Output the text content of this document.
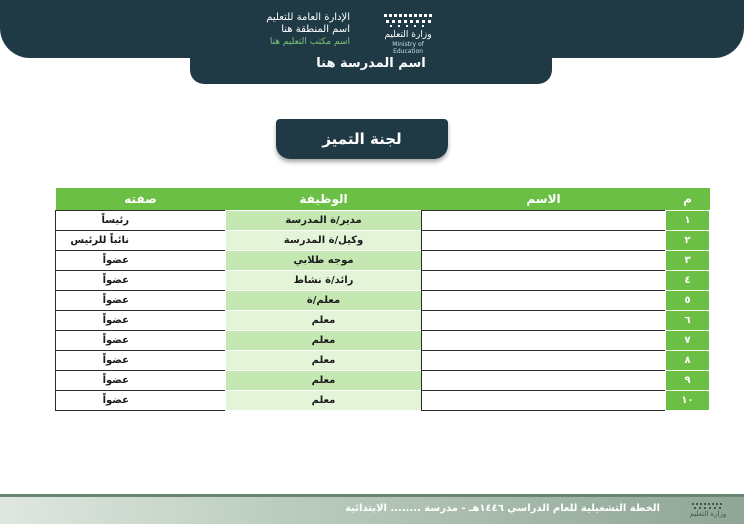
اسم المدرسة هنا
الإدارة العامة للتعليم
اسم المنطقة هنا
اسم مكتب التعليم هنا
وزارة التعليم
Ministry of Education
لجنة التميز
م	الاسم	الوظيفة	صفته
١		مدير/ة المدرسة	رئيساً
٢		وكيل/ة المدرسة	نائباً للرئيس
٣		موجه طلابي	عضواً
٤		رائد/ة نشاط	عضواً
٥		معلم/ة	عضواً
٦		معلم	عضواً
٧		معلم	عضواً
٨		معلم	عضواً
٩		معلم	عضواً
١٠		معلم	عضواً
الخطة التشغيلية للعام الدراسي ١٤٤٦هـ - مدرسة ........ الابتدائية	وزارة التعليم
